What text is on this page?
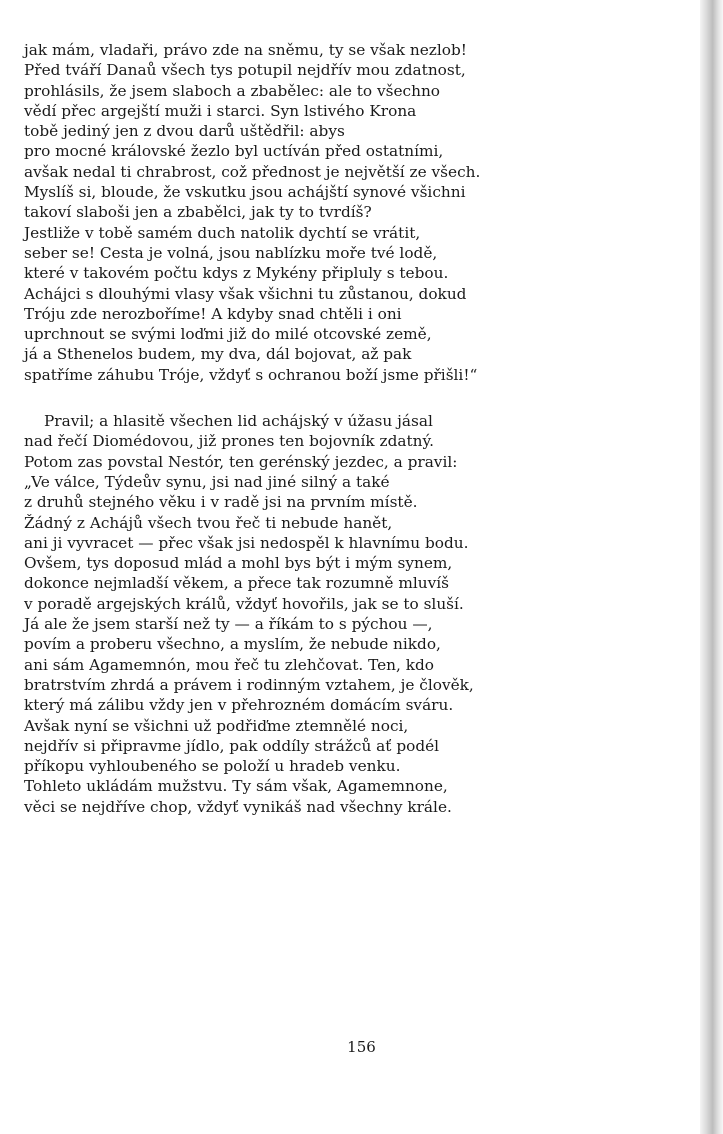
jak mám, vladaři, právo zde na sněmu, ty se však nezlob!
Před tváří Danaů všech tys potupil nejdřív mou zdatnost,
prohlásils, že jsem slaboch a zbabělec: ale to všechno
vědí přec argejští muži i starci. Syn lstivého Krona
tobě jediný jen z dvou darů uštědřil: abys
pro mocné královské žezlo byl uctíván před ostatními,
avšak nedal ti chrabrost, což přednost je největší ze všech.
Myslíš si, bloude, že vskutku jsou achájští synové všichni
takoví slaboši jen a zbabělci, jak ty to tvrdíš?
Jestliže v tobě samém duch natolik dychtí se vrátit,
seber se! Cesta je volná, jsou nablízku moře tvé lodě,
které v takovém počtu kdys z Mykény připluly s tebou.
Achájci s dlouhými vlasy však všichni tu zůstanou, dokud
Tróju zde nerozboříme! A kdyby snad chtěli i oni
uprchnout se svými loďmi již do milé otcovské země,
já a Sthenelos budem, my dva, dál bojovat, až pak
spatříme záhubu Tróje, vždyť s ochranou boží jsme přišli!“
Pravil; a hlasitě všechen lid achájský v úžasu jásal
nad řečí Diomédovou, již prones ten bojovník zdatný.
Potom zas povstal Nestór, ten gerénský jezdec, a pravil:
„Ve válce, Týdeův synu, jsi nad jiné silný a také
z druhů stejného věku i v radě jsi na prvním místě.
Žádný z Achájů všech tvou řeč ti nebude hanět,
ani ji vyvracet — přec však jsi nedospěl k hlavnímu bodu.
Ovšem, tys doposud mlád a mohl bys být i mým synem,
dokonce nejmladší věkem, a přece tak rozumně mluvíš
v poradě argejských králů, vždyť hovořils, jak se to sluší.
Já ale že jsem starší než ty — a říkám to s pýchou —,
povím a proberu všechno, a myslím, že nebude nikdo,
ani sám Agamemnón, mou řeč tu zlehčovat. Ten, kdo
bratrstvím zhrdá a právem i rodinným vztahem, je člověk,
který má zálibu vždy jen v přehrozném domácím sváru.
Avšak nyní se všichni už podřiďme ztemnělé noci,
nejdřív si připravme jídlo, pak oddíly strážců ať podél
příkopu vyhloubeného se položí u hradeb venku.
Tohleto ukládám mužstvu. Ty sám však, Agamemnone,
věci se nejdříve chop, vždyť vynikáš nad všechny krále.
156
